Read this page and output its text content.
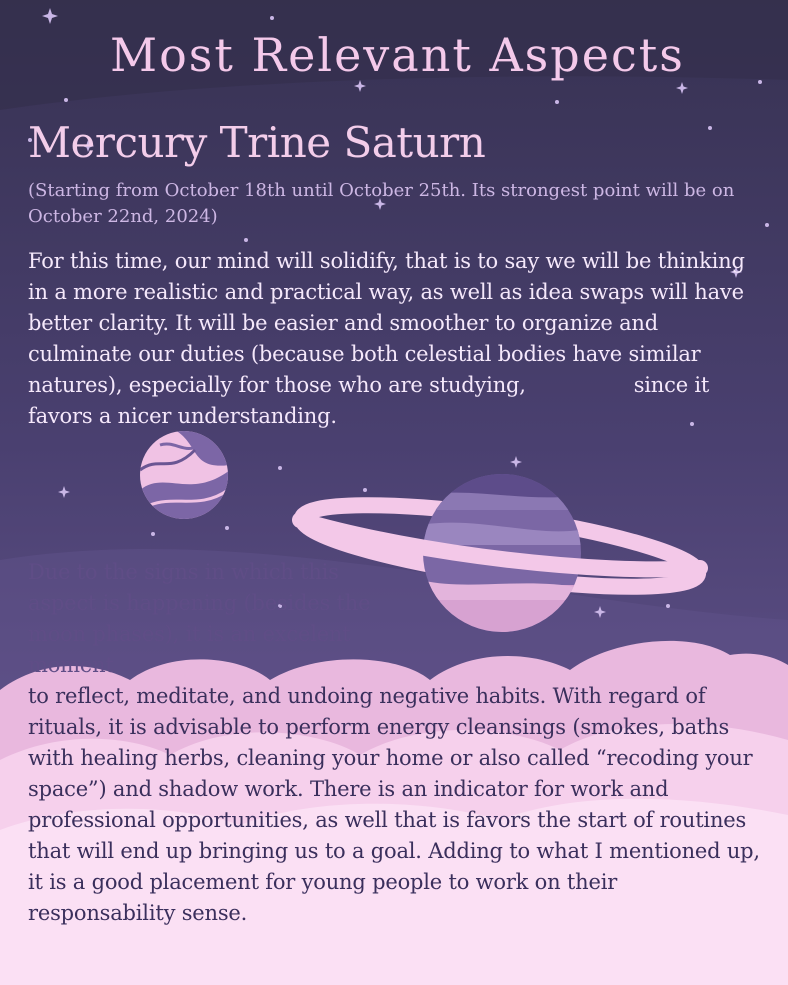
Most Relevant Aspects
Mercury Trine Saturn

(Starting from October 18th until October 25th. Its strongest point will be on October 22nd, 2024)

For this time, our mind will solidify, that is to say we will be thinking in a more realistic and practical way, as well as idea swaps will have better clarity. It will be easier and smoother to organize and culminate our duties (because both celestial bodies have similar natures), especially for those who are studying,	since it favors a nicer understanding.

Due to the signs in which this aspect is happening (besides the moon phases), it is an excelent moment

to reflect, meditate, and undoing negative habits. With regard of rituals, it is advisable to perform energy cleansings (smokes, baths with healing herbs, cleaning your home or also called “recoding your space”) and shadow work. There is an indicator for work and professional opportunities, as well that is favors the start of routines that will end up bringing us to a goal. Adding to what I mentioned up, it is a good placement for young people to work on their responsability sense.
